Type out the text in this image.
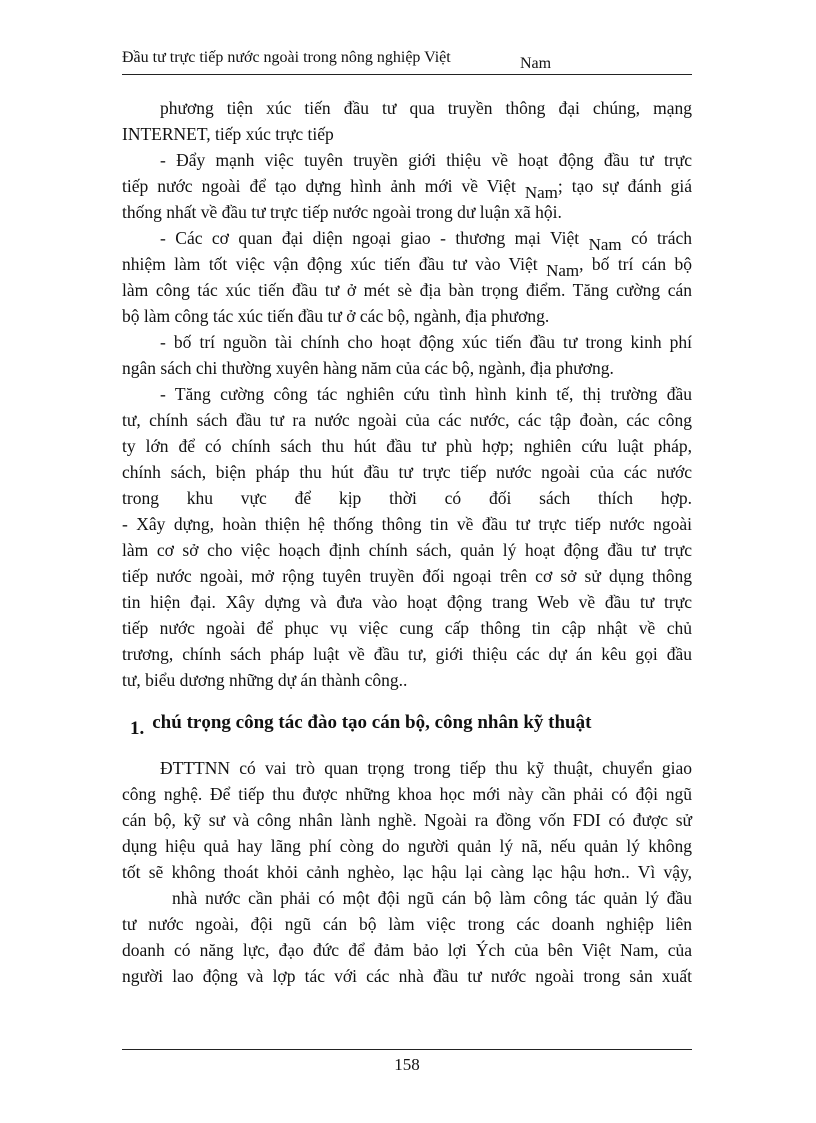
Đầu tư trực tiếp nước ngoài trong nông nghiệp Việt	Nam
phương tiện xúc tiến đầu tư qua truyền thông đại chúng, mạng
INTERNET, tiếp xúc trực tiếp
- Đẩy mạnh việc tuyên truyền giới thiệu về hoạt động đầu tư trực
tiếp nước ngoài để tạo dựng hình ảnh mới về Việt Nam; tạo sự đánh giá
thống nhất về đầu tư trực tiếp nước ngoài trong dư luận xã hội.
- Các cơ quan đại diện ngoại giao - thương mại Việt Nam có trách
nhiệm làm tốt việc vận động xúc tiến đầu tư vào Việt Nam, bố trí cán bộ
làm công tác xúc tiến đầu tư ở mét sè địa bàn trọng điểm. Tăng cường cán
bộ làm công tác xúc tiến đầu tư ở các bộ, ngành, địa phương.
- bố trí nguồn tài chính cho hoạt động xúc tiến đầu tư trong kinh phí
ngân sách chi thường xuyên hàng năm của các bộ, ngành, địa phương.
- Tăng cường công tác nghiên cứu tình hình kinh tế, thị trường đầu
tư, chính sách đầu tư ra nước ngoài của các nước, các tập đoàn, các công
ty lớn để có chính sách thu hút đầu tư phù hợp; nghiên cứu luật pháp,
chính sách, biện pháp thu hút đầu tư trực tiếp nước ngoài của các nước
trong khu vực để kịp thời có đối sách thích hợp.
- Xây dựng, hoàn thiện hệ thống thông tin về đầu tư trực tiếp nước ngoài
làm cơ sở cho việc hoạch định chính sách, quản lý hoạt động đầu tư trực
tiếp nước ngoài, mở rộng tuyên truyền đối ngoại trên cơ sở sử dụng thông
tin hiện đại. Xây dựng và đưa vào hoạt động trang Web về đầu tư trực
tiếp nước ngoài để phục vụ việc cung cấp thông tin cập nhật về chủ
trương, chính sách pháp luật về đầu tư, giới thiệu các dự án kêu gọi đầu
tư, biểu dương những dự án thành công..
1. chú trọng công tác đào tạo cán bộ, công nhân kỹ thuật
ĐTTTNN có vai trò quan trọng trong tiếp thu kỹ thuật, chuyển giao
công nghệ. Để tiếp thu được những khoa học mới này cần phải có đội ngũ
cán bộ, kỹ sư và công nhân lành nghề. Ngoài ra đồng vốn FDI có được sử
dụng hiệu quả hay lãng phí còng do người quản lý nã, nếu quản lý không
tốt sẽ không thoát khỏi cảnh nghèo, lạc hậu lại càng lạc hậu hơn.. Vì vậy,
nhà nước cần phải có một đội ngũ cán bộ làm công tác quản lý đầu
tư nước ngoài, đội ngũ cán bộ làm việc trong các doanh nghiệp liên
doanh có năng lực, đạo đức để đảm bảo lợi Ých của bên Việt Nam, của
người lao động và lợp tác với các nhà đầu tư nước ngoài trong sản xuất
158
